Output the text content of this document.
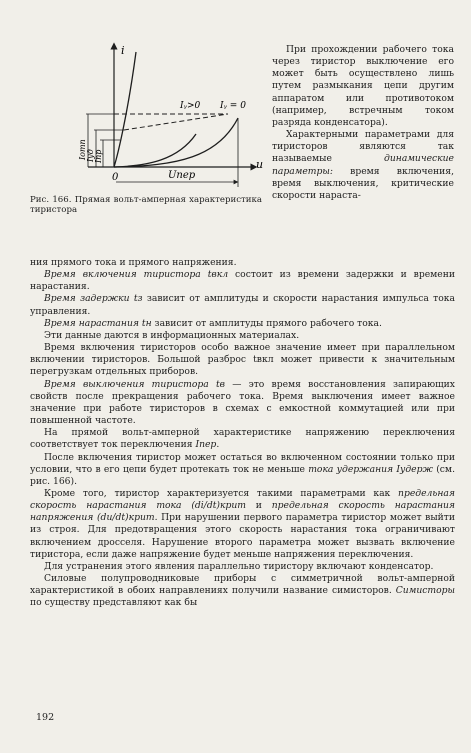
i
u
0
Iᵧ>0 Iᵧ = 0
Iотп Iуд Iпр
Uпер
Рис. 166. Прямая вольт-амперная характеристика тиристора

При прохождении рабочего тока через тиристор выключение его может быть осуществлено лишь путем размыкания цепи другим аппаратом или противотоком (например, встречным током разряда конденсатора).

Характерными параметрами для тиристоров являются так называемые динамические параметры: время включения, время выключения, критические скорости нараста-

ния прямого тока и прямого напряжения.

Время включения тиристора tвкл состоит из времени задержки и времени нарастания.

Время задержки tз зависит от амплитуды и скорости нарастания импульса тока управления.

Время нарастания tн зависит от амплитуды прямого рабочего тока.

Эти данные даются в информационных материалах.

Время включения тиристоров особо важное значение имеет при параллельном включении тиристоров. Большой разброс tвкл может привести к значительным перегрузкам отдельных приборов.

Время выключения тиристора tв — это время восстановления запирающих свойств после прекращения рабочего тока. Время выключения имеет важное значение при работе тиристоров в схемах с емкостной коммутацией или при повышенной частоте.

На прямой вольт-амперной характеристике напряжению переключения соответствует ток переключения Iпер.

После включения тиристор может остаться во включенном состоянии только при условии, что в его цепи будет протекать ток не меньше тока удержания Iудерж (см. рис. 166).

Кроме того, тиристор характеризуется такими параметрами как предельная скорость нарастания тока (di/dt)крит и предельная скорость нарастания напряжения (du/dt)крит. При нарушении первого параметра тиристор может выйти из строя. Для предотвращения этого скорость нарастания тока ограничивают включением дросселя. Нарушение второго параметра может вызвать включение тиристора, если даже напряжение будет меньше напряжения переключения.

Для устранения этого явления параллельно тиристору включают конденсатор.

Силовые полупроводниковые приборы с симметричной вольт-амперной характеристикой в обоих направлениях получили название симисторов. Симисторы по существу представляют как бы

192
